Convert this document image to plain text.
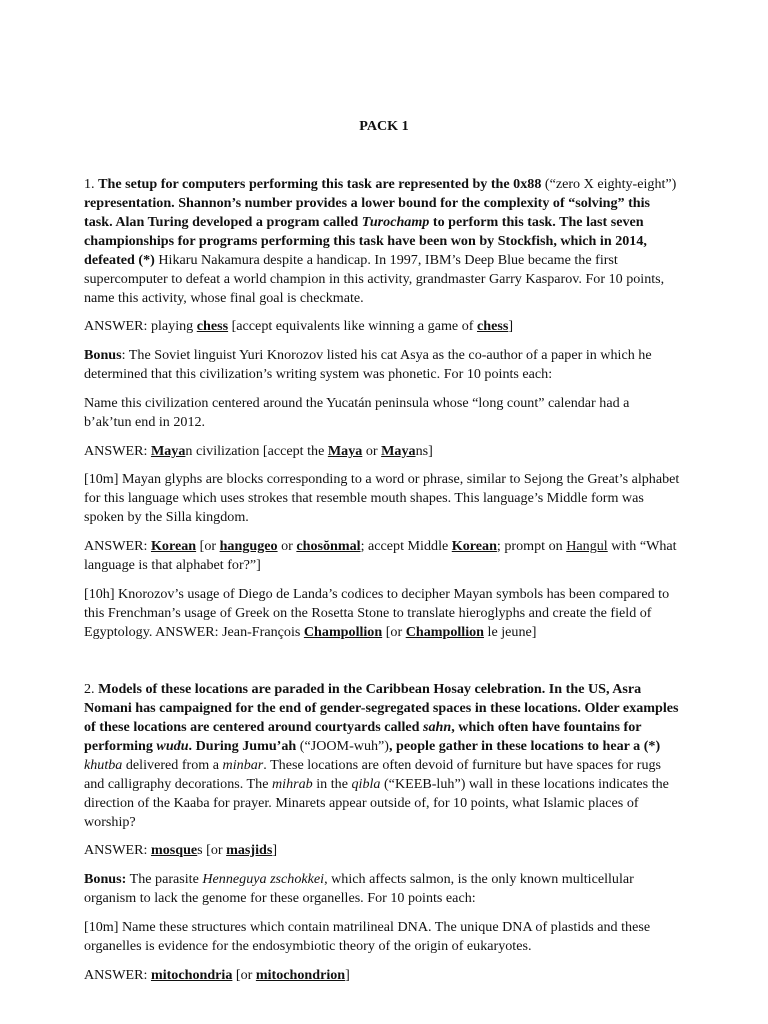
PACK 1

1. The setup for computers performing this task are represented by the 0x88 (“zero X eighty-eight”) representation. Shannon’s number provides a lower bound for the complexity of “solving” this task. Alan Turing developed a program called Turochamp to perform this task. The last seven championships for programs performing this task have been won by Stockfish, which in 2014, defeated (*) Hikaru Nakamura despite a handicap. In 1997, IBM’s Deep Blue became the first supercomputer to defeat a world champion in this activity, grandmaster Garry Kasparov. For 10 points, name this activity, whose final goal is checkmate.

ANSWER: playing chess [accept equivalents like winning a game of chess]

Bonus: The Soviet linguist Yuri Knorozov listed his cat Asya as the co-author of a paper in which he determined that this civilization’s writing system was phonetic. For 10 points each:

Name this civilization centered around the Yucatán peninsula whose “long count” calendar had a b’ak’tun end in 2012.

ANSWER: Mayan civilization [accept the Maya or Mayans]

[10m] Mayan glyphs are blocks corresponding to a word or phrase, similar to Sejong the Great’s alphabet for this language which uses strokes that resemble mouth shapes. This language’s Middle form was spoken by the Silla kingdom.

ANSWER: Korean [or hangugeo or chosŏnmal; accept Middle Korean; prompt on Hangul with “What language is that alphabet for?”]

[10h] Knorozov’s usage of Diego de Landa’s codices to decipher Mayan symbols has been compared to this Frenchman’s usage of Greek on the Rosetta Stone to translate hieroglyphs and create the field of Egyptology. ANSWER: Jean-François Champollion [or Champollion le jeune]

2. Models of these locations are paraded in the Caribbean Hosay celebration. In the US, Asra Nomani has campaigned for the end of gender-segregated spaces in these locations. Older examples of these locations are centered around courtyards called sahn, which often have fountains for performing wudu. During Jumu’ah (“JOOM-wuh”), people gather in these locations to hear a (*) khutba delivered from a minbar. These locations are often devoid of furniture but have spaces for rugs and calligraphy decorations. The mihrab in the qibla (“KEEB-luh”) wall in these locations indicates the direction of the Kaaba for prayer. Minarets appear outside of, for 10 points, what Islamic places of worship?

ANSWER: mosques [or masjids]

Bonus: The parasite Henneguya zschokkei, which affects salmon, is the only known multicellular organism to lack the genome for these organelles. For 10 points each:

[10m] Name these structures which contain matrilineal DNA. The unique DNA of plastids and these organelles is evidence for the endosymbiotic theory of the origin of eukaryotes.

ANSWER: mitochondria [or mitochondrion]
